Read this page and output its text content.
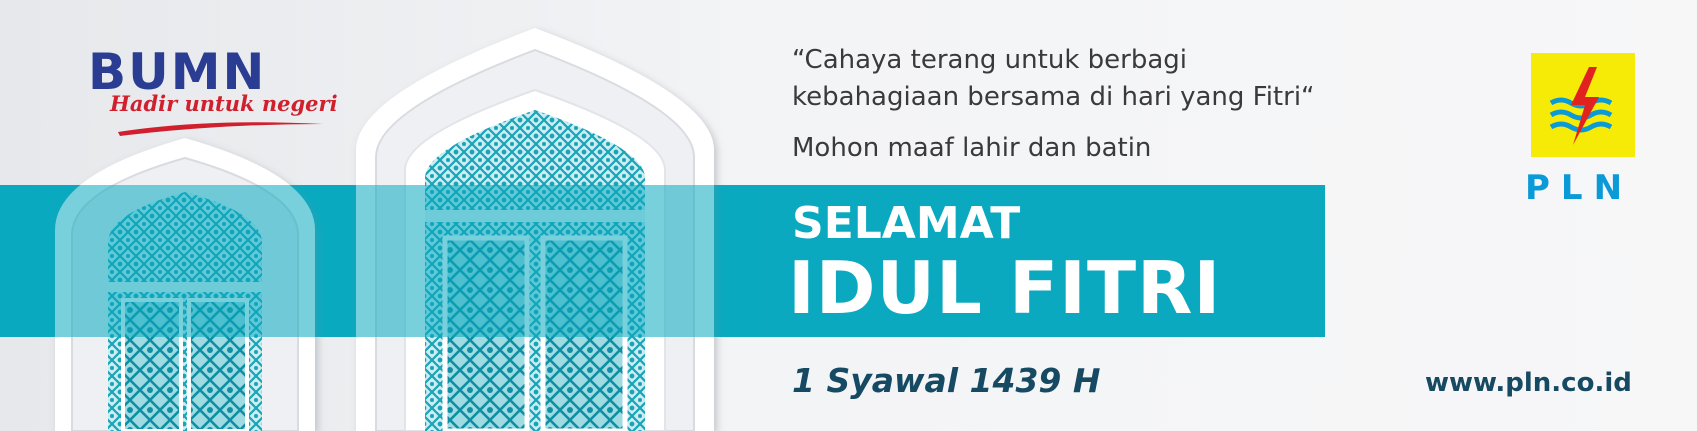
BUMN
Hadir untuk negeri
“Cahaya terang untuk berbagi
kebahagiaan bersama di hari yang Fitri“
Mohon maaf lahir dan batin
SELAMAT
IDUL FITRI
1 Syawal 1439 H
PLN
www.pln.co.id
